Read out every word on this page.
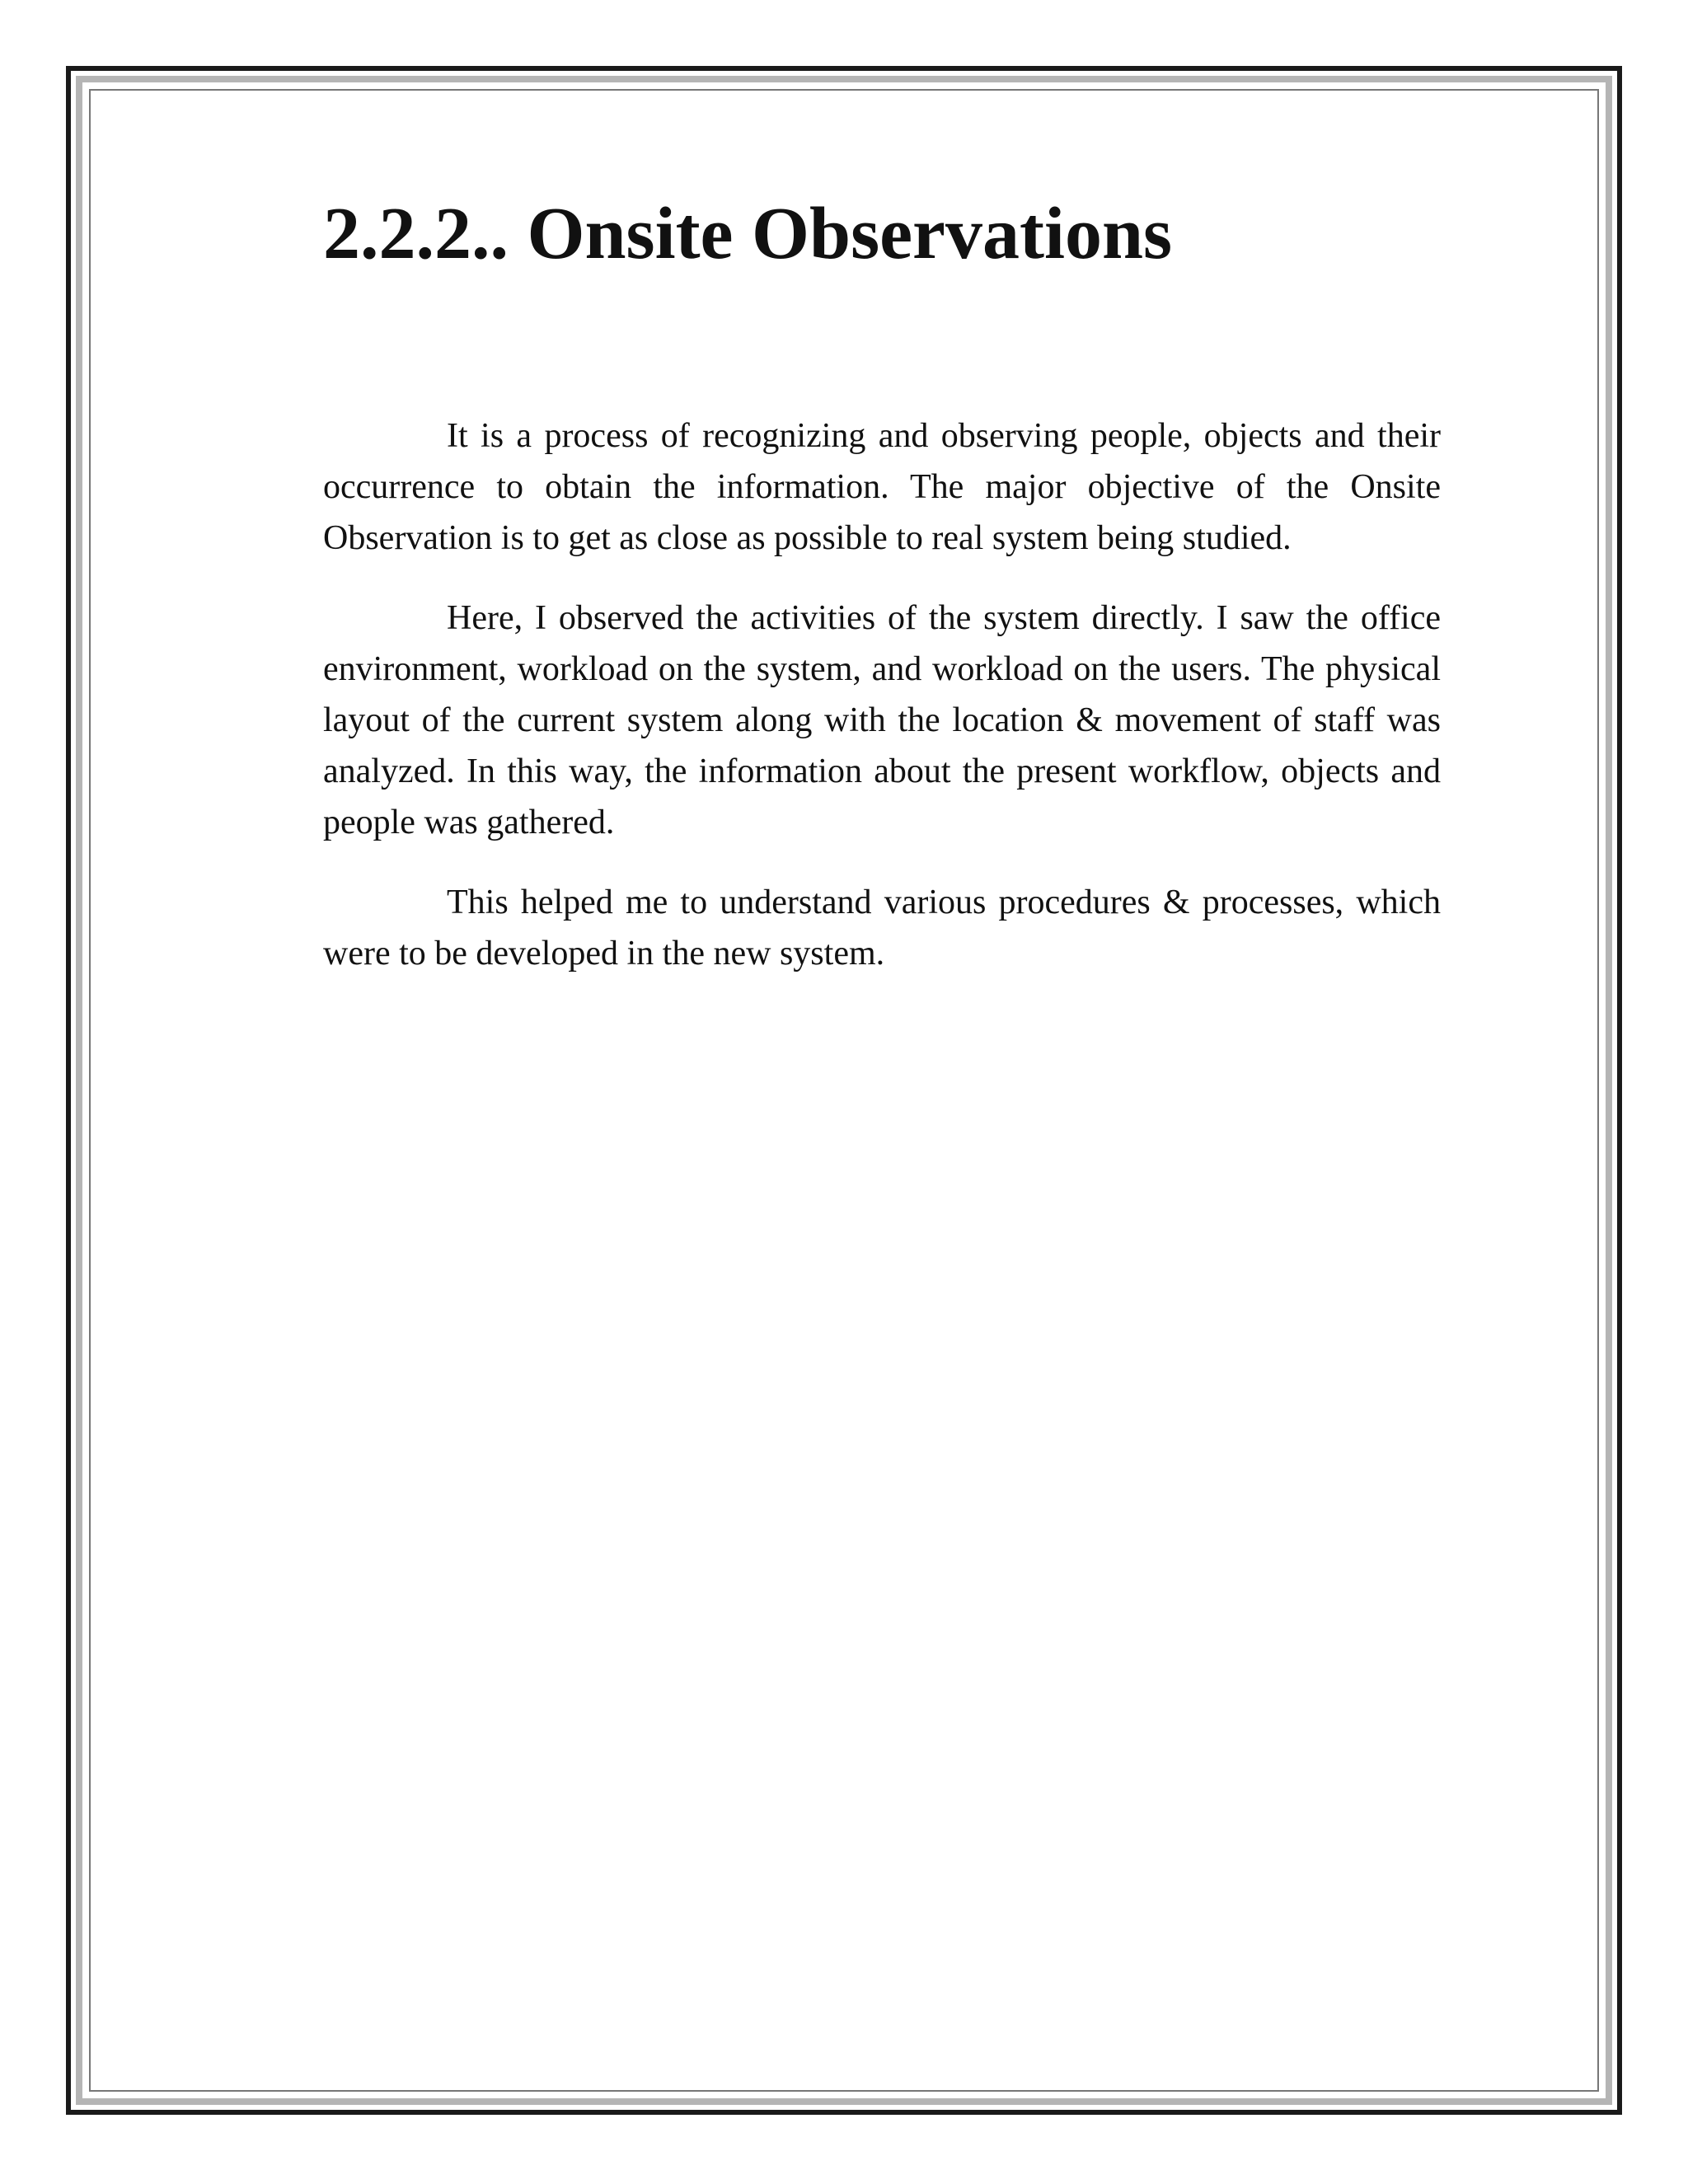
2.2.2.. Onsite Observations

It is a process of recognizing and observing people, objects and their occurrence to obtain the information. The major objective of the Onsite Observation is to get as close as possible to real system being studied.

Here, I observed the activities of the system directly. I saw the office environment, workload on the system, and workload on the users. The physical layout of the current system along with the location & movement of staff was analyzed. In this way, the information about the present workflow, objects and people was gathered.

This helped me to understand various procedures & processes, which were to be developed in the new system.
